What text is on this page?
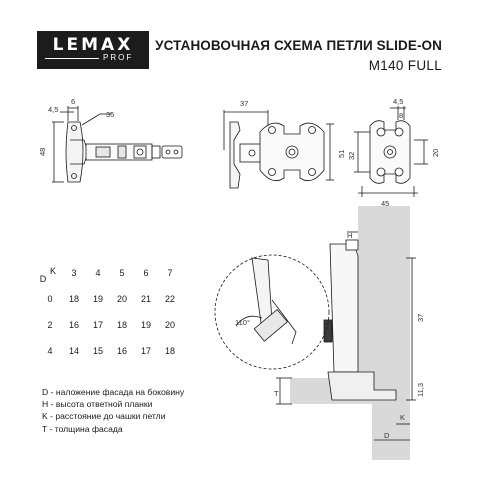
LEMAX
PROF
УСТАНОВОЧНАЯ СХЕМА ПЕТЛИ SLIDE-ON
M140 FULL
4,5
6
35
48
37	4,5
8
51 32	20
45
H
110°
37
11,3
T
K
D
D
K	3	4	5	6	7
0	18	19	20	21	22
2	16	17	18	19	20
4	14	15	16	17	18
D - наложение фасада на боковину
H - высота ответной планки
K - расстояние до чашки петли
T - толщина фасада
